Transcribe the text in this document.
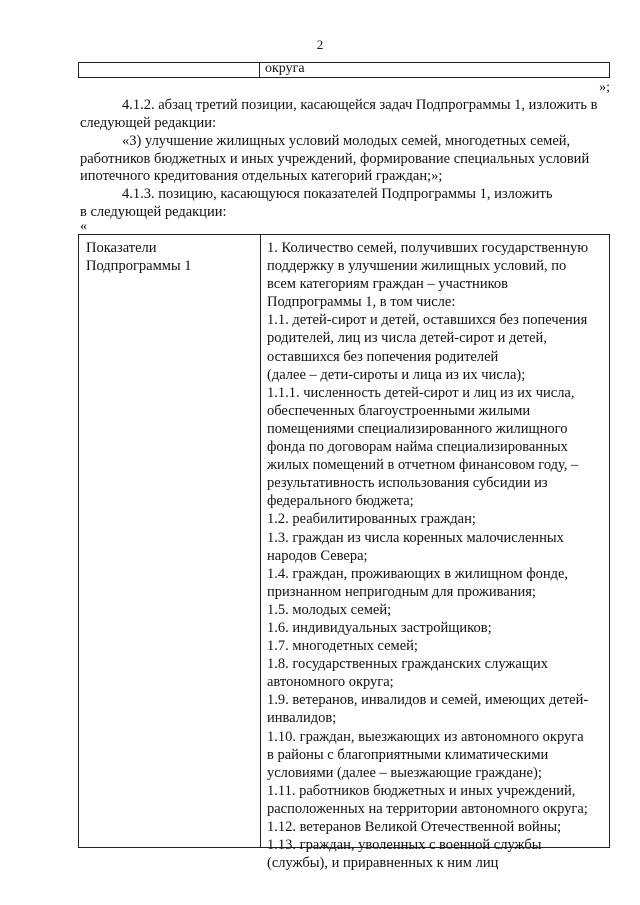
2
округа
»;
4.1.2. абзац третий позиции, касающейся задач Подпрограммы 1, изложить в
следующей редакции:
«3) улучшение жилищных условий молодых семей, многодетных семей,
работников бюджетных и иных учреждений, формирование специальных условий
ипотечного кредитования отдельных категорий граждан;»;
4.1.3. позицию, касающуюся показателей Подпрограммы 1, изложить
в следующей редакции:
«
Показатели
Подпрограммы 1
1. Количество семей, получивших государственную
поддержку в улучшении жилищных условий, по
всем категориям граждан – участников
Подпрограммы 1, в том числе:
1.1. детей-сирот и детей, оставшихся без попечения
родителей, лиц из числа детей-сирот и детей,
оставшихся без попечения родителей
(далее – дети-сироты и лица из их числа);
1.1.1. численность детей-сирот и лиц из их числа,
обеспеченных благоустроенными жилыми
помещениями специализированного жилищного
фонда по договорам найма специализированных
жилых помещений в отчетном финансовом году, –
результативность использования субсидии из
федерального бюджета;
1.2. реабилитированных граждан;
1.3. граждан из числа коренных малочисленных
народов Севера;
1.4. граждан, проживающих в жилищном фонде,
признанном непригодным для проживания;
1.5. молодых семей;
1.6. индивидуальных застройщиков;
1.7. многодетных семей;
1.8. государственных гражданских служащих
автономного округа;
1.9. ветеранов, инвалидов и семей, имеющих детей-
инвалидов;
1.10. граждан, выезжающих из автономного округа
в районы с благоприятными климатическими
условиями (далее – выезжающие граждане);
1.11. работников бюджетных и иных учреждений,
расположенных на территории автономного округа;
1.12. ветеранов Великой Отечественной войны;
1.13. граждан, уволенных с военной службы
(службы), и приравненных к ним лиц
